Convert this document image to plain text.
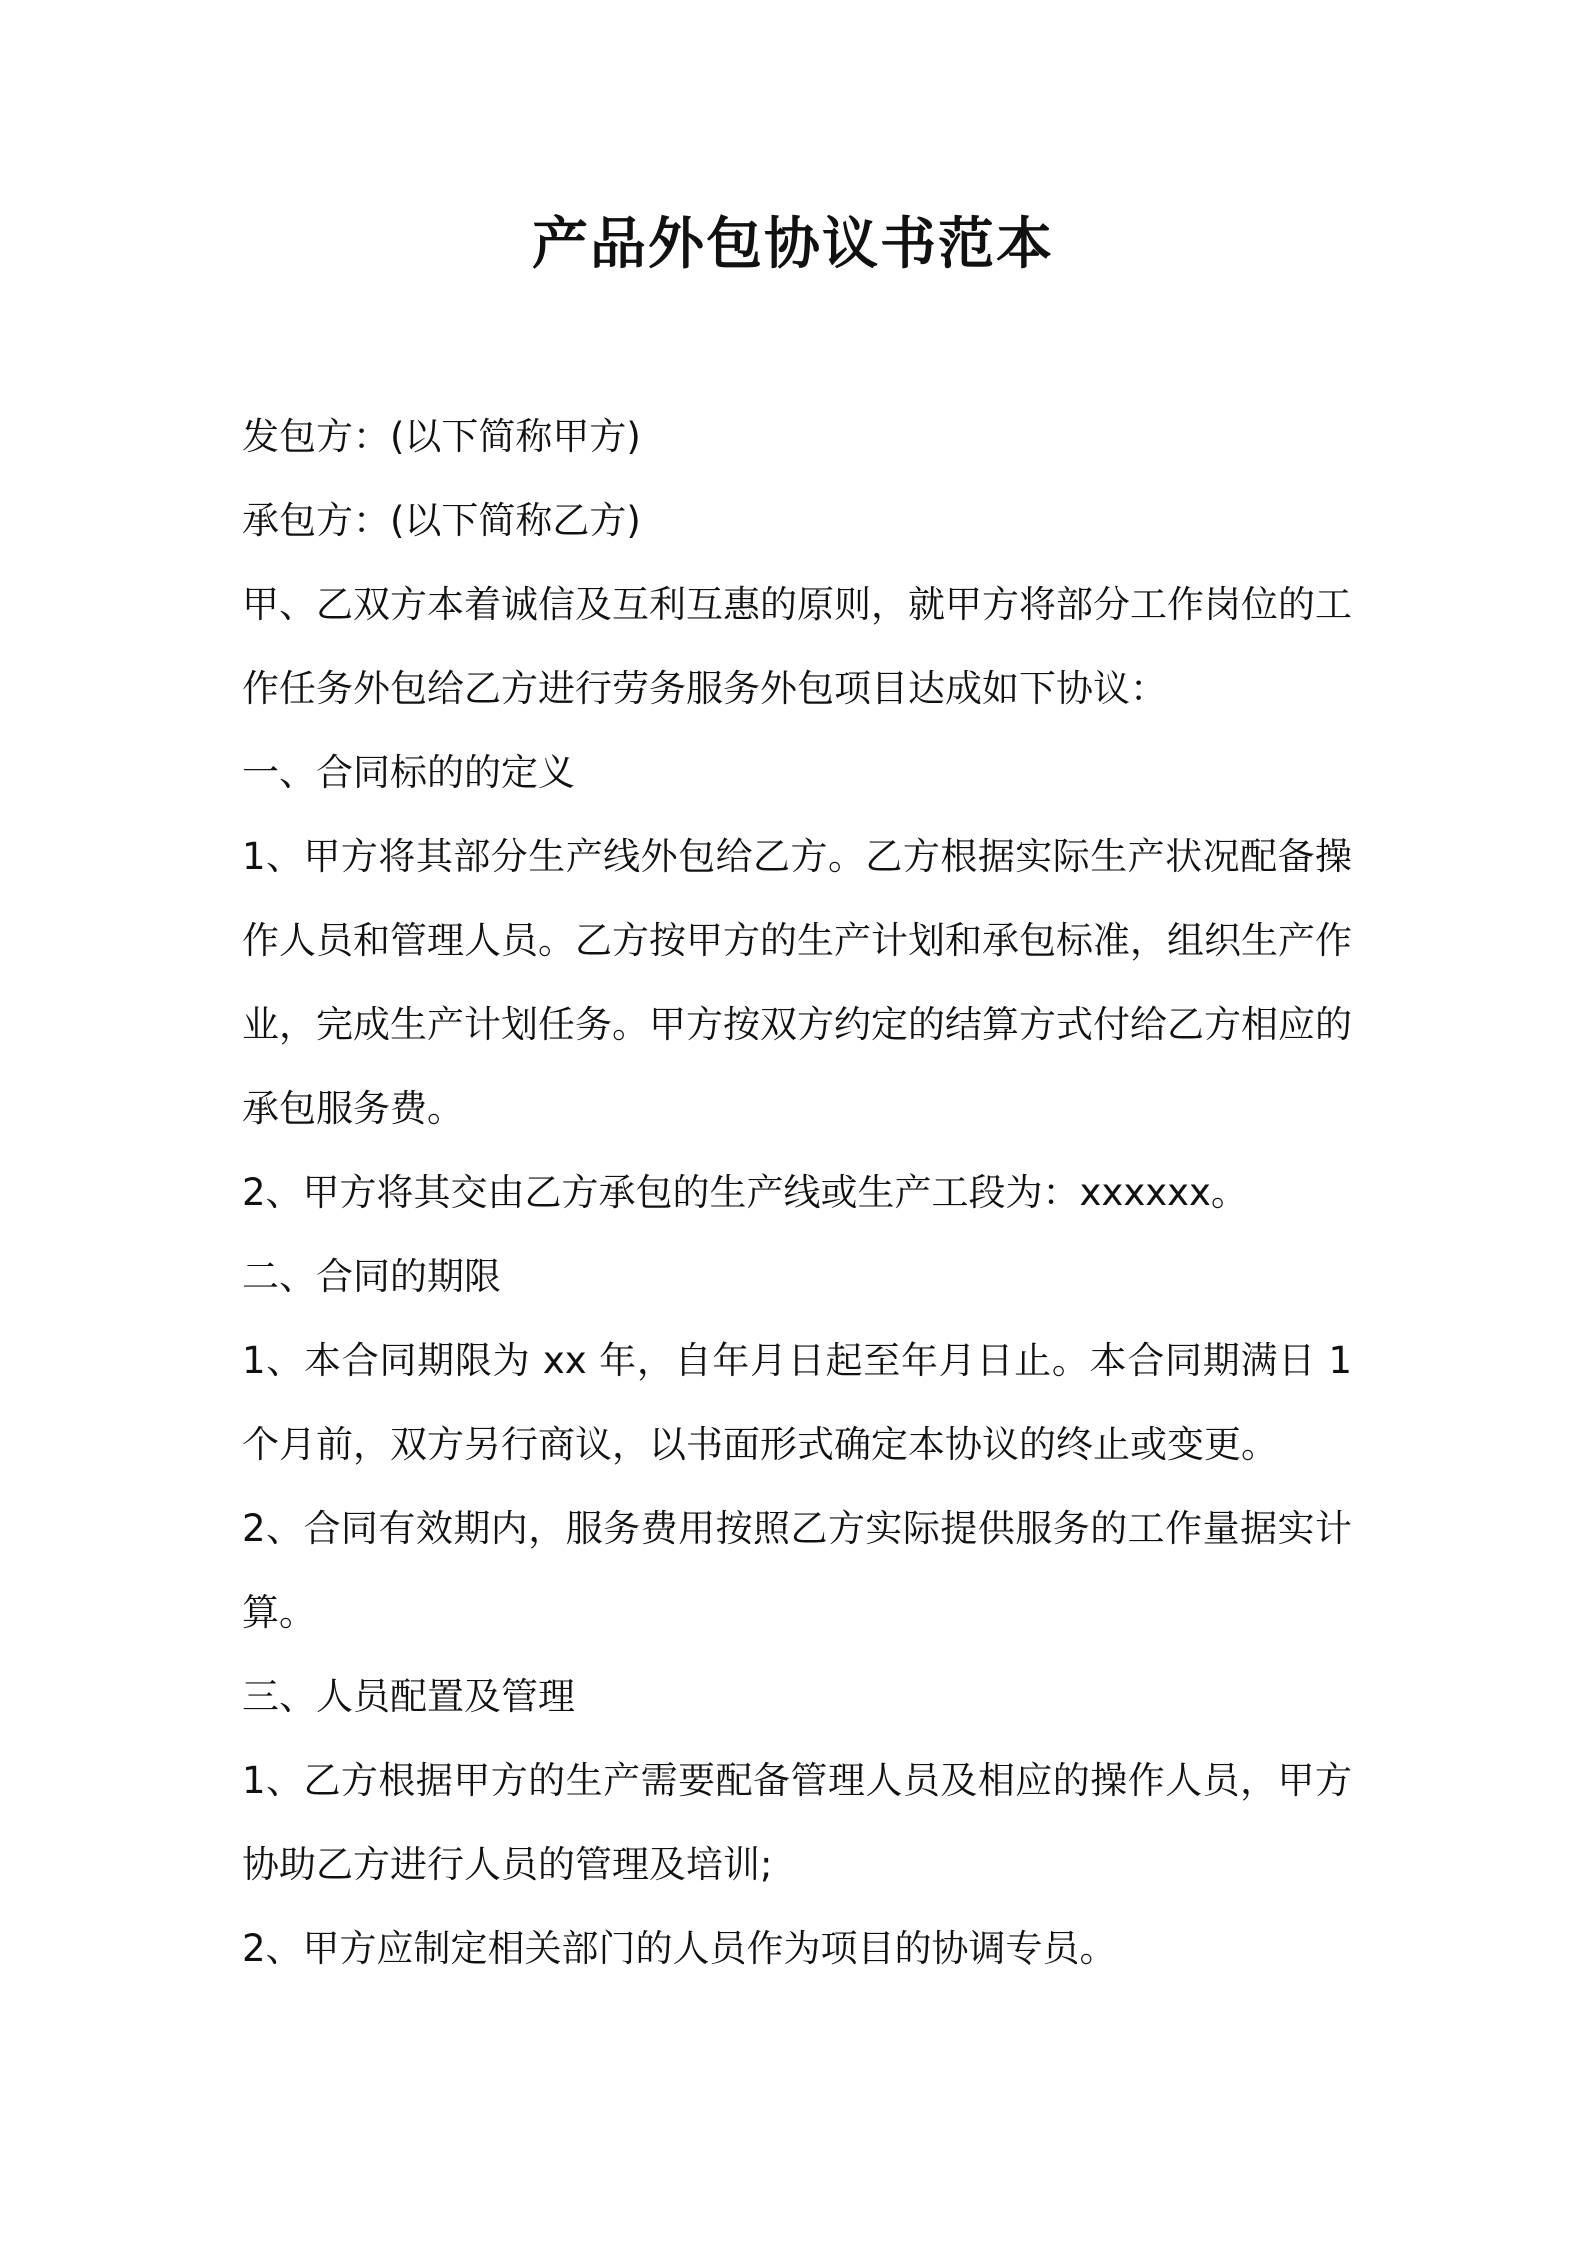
产品外包协议书范本

发包方：(以下简称甲方)

承包方：(以下简称乙方)

甲、乙双方本着诚信及互利互惠的原则，就甲方将部分工作岗位的工作任务外包给乙方进行劳务服务外包项目达成如下协议：

一、合同标的的定义

1、甲方将其部分生产线外包给乙方。乙方根据实际生产状况配备操作人员和管理人员。乙方按甲方的生产计划和承包标准，组织生产作业，完成生产计划任务。甲方按双方约定的结算方式付给乙方相应的承包服务费。

2、甲方将其交由乙方承包的生产线或生产工段为：xxxxxx。

二、合同的期限

1、本合同期限为 xx 年，自年月日起至年月日止。本合同期满日 1 个月前，双方另行商议，以书面形式确定本协议的终止或变更。

2、合同有效期内，服务费用按照乙方实际提供服务的工作量据实计算。

三、人员配置及管理

1、乙方根据甲方的生产需要配备管理人员及相应的操作人员，甲方协助乙方进行人员的管理及培训;

2、甲方应制定相关部门的人员作为项目的协调专员。
